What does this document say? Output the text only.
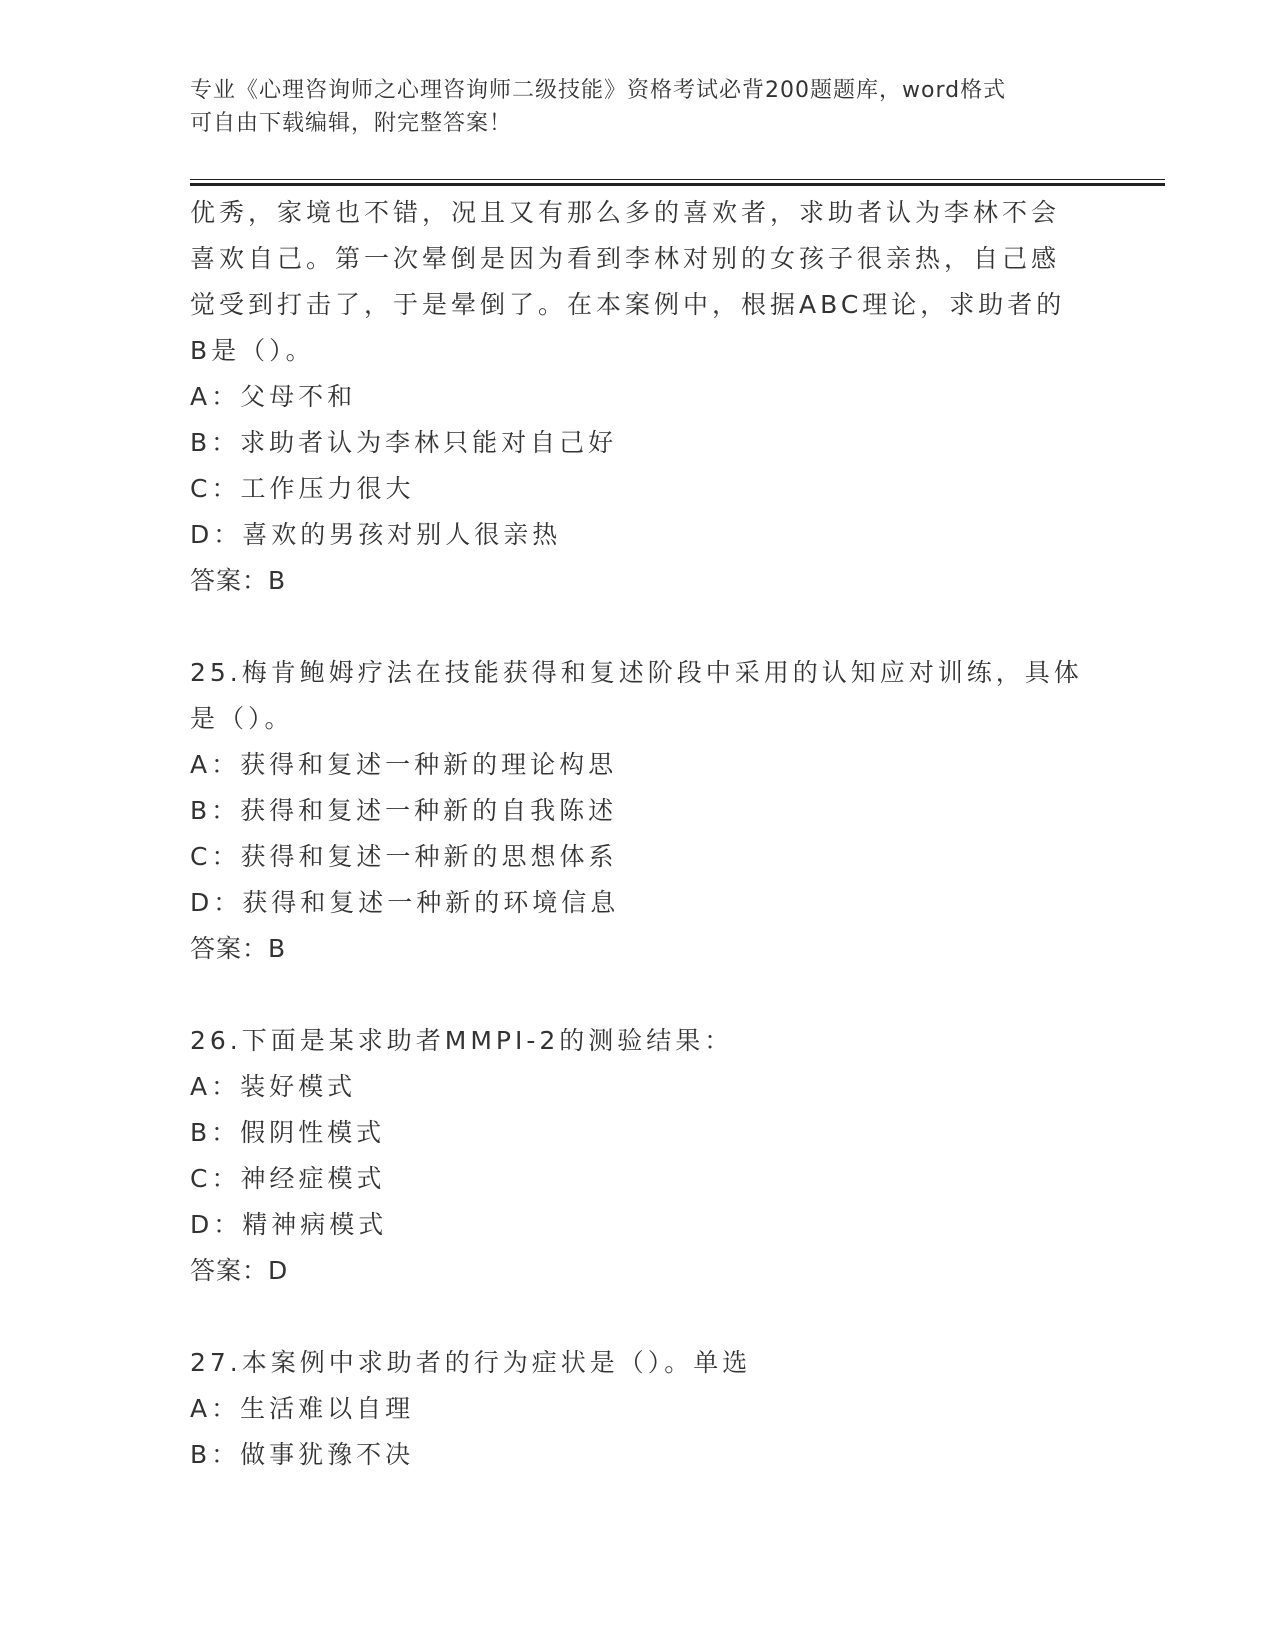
专业《心理咨询师之心理咨询师二级技能》资格考试必背200题题库，word格式
可自由下载编辑，附完整答案！
优秀，家境也不错，况且又有那么多的喜欢者，求助者认为李林不会
喜欢自己。第一次晕倒是因为看到李林对别的女孩子很亲热，自己感
觉受到打击了，于是晕倒了。在本案例中，根据ABC理论，求助者的
B是（）。
A：父母不和
B：求助者认为李林只能对自己好
C：工作压力很大
D：喜欢的男孩对别人很亲热
答案：B
25.梅肯鲍姆疗法在技能获得和复述阶段中采用的认知应对训练，具体
是（）。
A：获得和复述一种新的理论构思
B：获得和复述一种新的自我陈述
C：获得和复述一种新的思想体系
D：获得和复述一种新的环境信息
答案：B
26.下面是某求助者MMPI-2的测验结果：
A：装好模式
B：假阴性模式
C：神经症模式
D：精神病模式
答案：D
27.本案例中求助者的行为症状是（）。单选
A：生活难以自理
B：做事犹豫不决
